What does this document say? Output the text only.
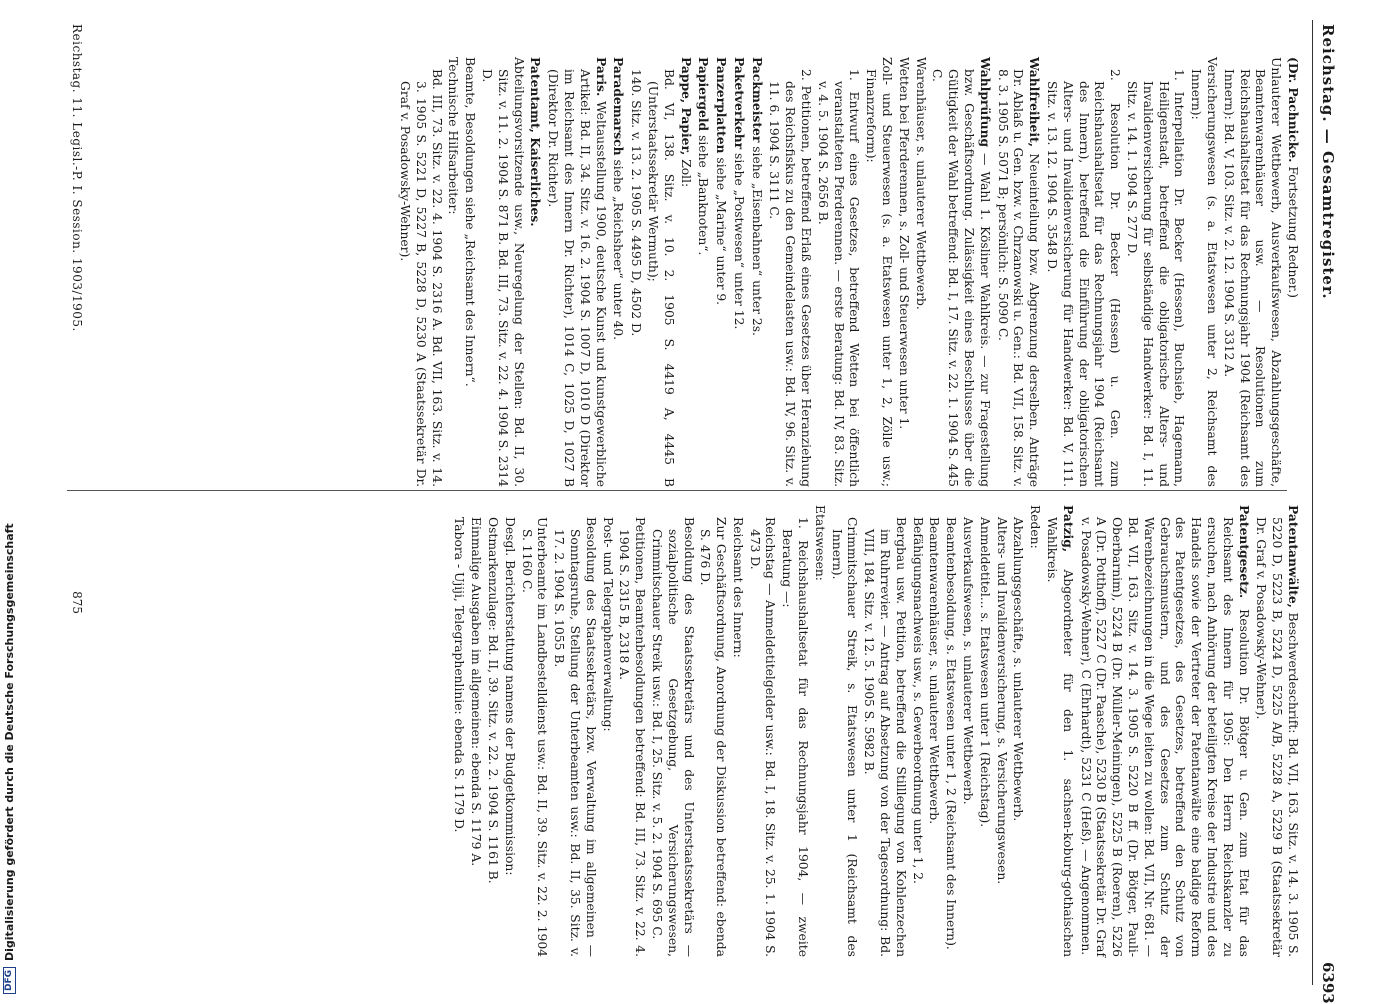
Reichstag. — Gesamtregister.
6393

(Dr. Pachnicke. Fortsetzung Redner.)

Unlauterer Wettbewerb, Ausverkaufswesen, Abzahlungsgeschäfte, Beamtenwarenhäuser usw. — Resolutionen zum Reichshaushaltsetat für das Rechnungsjahr 1904 (Reichsamt des Innern): Bd. V, 103. Sitz. v. 2. 12. 1904 S. 3312 A.

Versicherungswesen (s. a. Etatswesen unter 2, Reichsamt des Innern):

1. Interpellation Dr. Becker (Hessen), Buchsieb, Hagemann, Heiligenstadt, betreffend die obligatorische Alters- und Invalidenversicherung für selbständige Handwerker: Bd. I, 11. Sitz. v. 14. 1. 1904 S. 277 D.

2. Resolution Dr. Becker (Hessen) u. Gen. zum Reichshaushaltsetat für das Rechnungsjahr 1904 (Reichsamt des Innern), betreffend die Einführung der obligatorischen Alters- und Invalidenversicherung für Handwerker: Bd. V, 111. Sitz. v. 13. 12. 1904 S. 3548 D.

Wahlfreiheit, Neueinteilung bzw. Abgrenzung derselben. Anträge Dr. Ablaß u. Gen. bzw. v. Chrzanowski u. Gen.: Bd. VII, 158. Sitz. v. 8. 3. 1905 S. 5071 B; persönlich: S. 5090 C.

Wahlprüfung — Wahl 1. Kösliner Wahlkreis. — zur Fragestellung bzw. Geschäftsordnung. Zulässigkeit eines Beschlusses über die Gültigkeit der Wahl betreffend: Bd. I, 17. Sitz. v. 22. 1. 1904 S. 445 C.

Warenhäuser, s. unlauterer Wettbewerb.

Wetten bei Pferderennen, s. Zoll- und Steuerwesen unter 1.

Zoll- und Steuerwesen (s. a. Etatswesen unter 1, 2, Zölle usw.; Finanzreform):

1. Entwurf eines Gesetzes, betreffend Wetten bei öffentlich veranstalteten Pferderennen. — erste Beratung: Bd. IV, 83. Sitz. v. 4. 5. 1904 S. 2656 B.

2. Petitionen, betreffend Erlaß eines Gesetzes über Heranziehung des Reichsfiskus zu den Gemeindelasten usw.: Bd. IV, 96. Sitz. v. 11. 6. 1904 S. 3111 C.

Packmeister siehe „Eisenbahnen“ unter 2s.

Paketverkehr siehe „Postwesen“ unter 12.

Panzerplatten siehe „Marine“ unter 9.

Papiergeld siehe „Banknoten“.

Pappe, Papier, Zoll:

Bd. VI, 138. Sitz. v. 10. 2. 1905 S. 4419 A, 4445 B (Unterstaatssekretär Wermuth);

140. Sitz. v. 13. 2. 1905 S. 4495 D, 4502 D.

Parademarsch siehe „Reichsheer“ unter 40.

Paris. Weltausstellung 1900, deutsche Kunst und kunstgewerbliche Artikel: Bd. II, 34. Sitz. v. 16. 2. 1904 S. 1007 D, 1010 D (Direktor im Reichsamt des Innern Dr. Richter), 1014 C, 1025 D, 1027 B (Direktor Dr. Richter).

Patentamt, Kaiserliches.

Abteilungsvorsitzende usw., Neuregelung der Stellen: Bd. II, 30. Sitz. v. 11. 2. 1904 S. 871 B. Bd. III, 73. Sitz. v. 22. 4. 1904 S. 2314 D.

Beamte, Besoldungen siehe „Reichsamt des Innern“.

Technische Hilfsarbeiter:

Bd. III, 73. Sitz. v. 22. 4. 1904 S. 2316 A. Bd. VII, 163. Sitz. v. 14. 3. 1905 S. 5221 D, 5227 B, 5228 D, 5230 A (Staatssekretär Dr. Graf v. Posadowsky-Wehner).

Patentanwälte, Beschwerdeschrift: Bd. VII, 163. Sitz. v. 14. 3. 1905 S. 5220 D, 5223 B, 5224 D, 5225 A/B, 5228 A, 5229 B (Staatssekretär Dr. Graf v. Posadowsky-Wehner).

Patentgesetz. Resolution Dr. Bötger u. Gen. zum Etat für das Reichsamt des Innern für 1905: Den Herrn Reichskanzler zu ersuchen, nach Anhörung der beteiligten Kreise der Industrie und des Handels sowie der Vertreter der Patentanwälte eine baldige Reform des Patentgesetzes, des Gesetzes, betreffend den Schutz von Gebrauchsmustern, und des Gesetzes zum Schutz der Warenbezeichnungen in die Wege leiten zu wollen: Bd. VII, Nr. 681. — Bd. VII, 163. Sitz. v. 14. 3. 1905 S. 5220 B ff. (Dr. Bötger, Pauli-Oberbarnim), 5224 B (Dr. Müller-Meiningen), 5225 B (Roeren), 5226 A (Dr. Potthoff), 5227 C (Dr. Paasche), 5230 B (Staatssekretär Dr. Graf v. Posadowsky-Wehner), C (Ehrhardt), 5231 C (Heß). — Angenommen.

Patzig, Abgeordneter für den 1. sachsen-koburg-gothaischen Wahlkreis.

Reden:

Abzahlungsgeschäfte, s. unlauterer Wettbewerb.

Alters- und Invalidenversicherung, s. Versicherungswesen.

Anmeldetitel... s. Etatswesen unter 1 (Reichstag).

Ausverkaufswesen, s. unlauterer Wettbewerb.

Beamtenbesoldung, s. Etatswesen unter 1, 2 (Reichsamt des Innern).

Beamtenwarenhäuser, s. unlauterer Wettbewerb.

Befähigungsnachweis usw., s. Gewerbeordnung unter 1, 2.

Bergbau usw. Petition, betreffend die Stilllegung von Kohlenzechen im Ruhrrevier. — Antrag auf Absetzung von der Tagesordnung: Bd. VIII, 184. Sitz. v. 12. 5. 1905 S. 5982 B.

Crimmitschauer Streik, s. Etatswesen unter 1 (Reichsamt des Innern).

Etatswesen:

1. Reichshaushaltsetat für das Rechnungsjahr 1904, — zweite Beratung —:

Reichstag — Anmeldetitelgelder usw.: Bd. I, 18. Sitz. v. 25. 1. 1904 S. 473 D.

Reichsamt des Innern:

Zur Geschäftsordnung, Anordnung der Diskussion betreffend: ebenda S. 476 D.

Besoldung des Staatssekretärs und des Unterstaatssekretärs — sozialpolitische Gesetzgebung, Versicherungswesen, Crimmitschauer Streik usw.: Bd. I, 25. Sitz. v. 5. 2. 1904 S. 695 C.

Petitionen, Beamtenbesoldungen betreffend: Bd. III, 73. Sitz. v. 22. 4. 1904 S. 2315 B, 2318 A.

Post- und Telegraphenverwaltung:

Besoldung des Staatssekretärs, bzw. Verwaltung im allgemeinen — Sonntagsruhe, Stellung der Unterbeamten usw.: Bd. II, 35. Sitz. v. 17. 2. 1904 S. 1055 B.

Unterbeamte im Landbestelldienst usw.: Bd. II, 39. Sitz. v. 22. 2. 1904 S. 1160 C.

Desgl. Berichterstattung namens der Budgetkommission:

Ostmarkenzulage: Bd. II, 39. Sitz. v. 22. 2. 1904 S. 1161 B.

Einmalige Ausgaben im allgemeinen: ebenda S. 1179 A.

Tabora - Ujiji, Telegraphenlinie: ebenda S. 1179 D.

Reichstag. 11. Legisl.-P. I. Session. 1903/1905.
875
DFG
Digitalisierung gefördert durch die Deutsche Forschungsgemeinschaft
